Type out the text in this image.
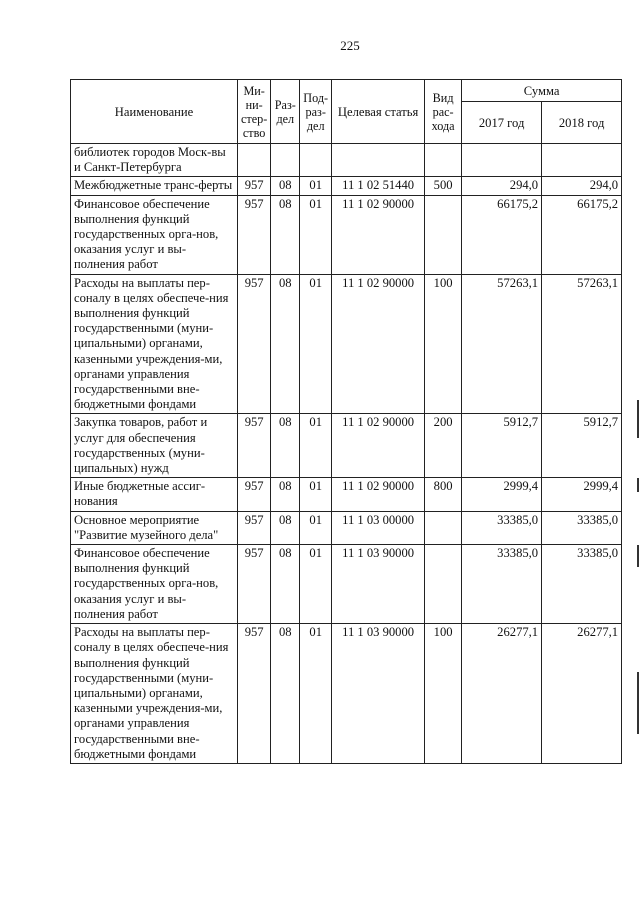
225
Наименование	Ми-ни-стер-ство	Раз-дел	Под-раз-дел	Целевая статья	Вид рас-хода	Сумма	
						2017 год	2018 год
библиотек городов Моск-вы и Санкт-Петербурга							
Межбюджетные транс-ферты	957	08	01	11 1 02 51440	500	294,0	294,0
Финансовое обеспечение выполнения функций государственных орга-нов, оказания услуг и вы-полнения работ	957	08	01	11 1 02 90000		66175,2	66175,2
Расходы на выплаты пер-соналу в целях обеспече-ния выполнения функций государственными (муни-ципальными) органами, казенными учреждения-ми, органами управления государственными вне-бюджетными фондами	957	08	01	11 1 02 90000	100	57263,1	57263,1
Закупка товаров, работ и услуг для обеспечения государственных (муни-ципальных) нужд	957	08	01	11 1 02 90000	200	5912,7	5912,7
Иные бюджетные ассиг-нования	957	08	01	11 1 02 90000	800	2999,4	2999,4
Основное мероприятие "Развитие музейного дела"	957	08	01	11 1 03 00000		33385,0	33385,0
Финансовое обеспечение выполнения функций государственных орга-нов, оказания услуг и вы-полнения работ	957	08	01	11 1 03 90000		33385,0	33385,0
Расходы на выплаты пер-соналу в целях обеспече-ния выполнения функций государственными (муни-ципальными) органами, казенными учреждения-ми, органами управления государственными вне-бюджетными фондами	957	08	01	11 1 03 90000	100	26277,1	26277,1
